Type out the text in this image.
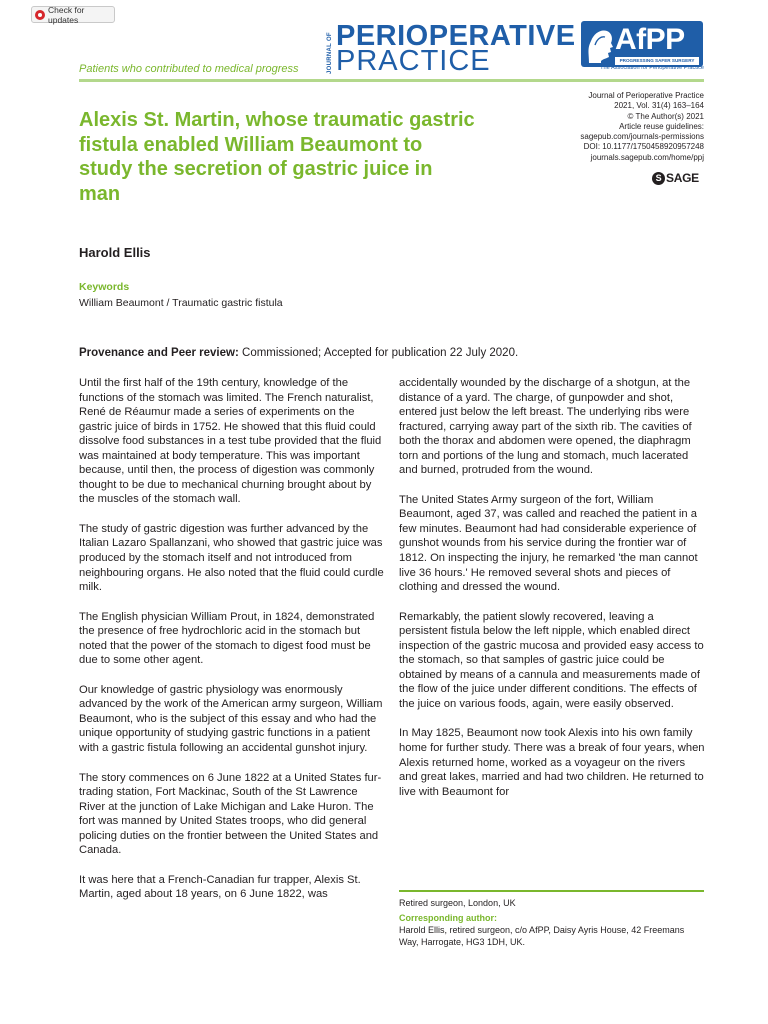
Check for updates
JOURNAL OF PERIOPERATIVE
PRACTICE
AfPP
PROGRESSING SAFER SURGERY
The Association for Perioperative Practice
Patients who contributed to medical progress
Alexis St. Martin, whose traumatic gastric fistula enabled William Beaumont to study the secretion of gastric juice in man
Journal of Perioperative Practice
2021, Vol. 31(4) 163–164
© The Author(s) 2021
Article reuse guidelines:
sagepub.com/journals-permissions
DOI: 10.1177/1750458920957248
journals.sagepub.com/home/ppj
S SAGE
Harold Ellis
Keywords
William Beaumont / Traumatic gastric fistula
Provenance and Peer review: Commissioned; Accepted for publication 22 July 2020.

Until the first half of the 19th century, knowledge of the functions of the stomach was limited. The French naturalist, René de Réaumur made a series of experiments on the gastric juice of birds in 1752. He showed that this fluid could dissolve food substances in a test tube provided that the fluid was maintained at body temperature. This was important because, until then, the process of digestion was commonly thought to be due to mechanical churning brought about by the muscles of the stomach wall.

The study of gastric digestion was further advanced by the Italian Lazaro Spallanzani, who showed that gastric juice was produced by the stomach itself and not introduced from neighbouring organs. He also noted that the fluid could curdle milk.

The English physician William Prout, in 1824, demonstrated the presence of free hydrochloric acid in the stomach but noted that the power of the stomach to digest food must be due to some other agent.

Our knowledge of gastric physiology was enormously advanced by the work of the American army surgeon, William Beaumont, who is the subject of this essay and who had the unique opportunity of studying gastric functions in a patient with a gastric fistula following an accidental gunshot injury.

The story commences on 6 June 1822 at a United States fur-trading station, Fort Mackinac, South of the St Lawrence River at the junction of Lake Michigan and Lake Huron. The fort was manned by United States troops, who did general policing duties on the frontier between the United States and Canada.

It was here that a French-Canadian fur trapper, Alexis St. Martin, aged about 18 years, on 6 June 1822, was

accidentally wounded by the discharge of a shotgun, at the distance of a yard. The charge, of gunpowder and shot, entered just below the left breast. The underlying ribs were fractured, carrying away part of the sixth rib. The cavities of both the thorax and abdomen were opened, the diaphragm torn and portions of the lung and stomach, much lacerated and burned, protruded from the wound.

The United States Army surgeon of the fort, William Beaumont, aged 37, was called and reached the patient in a few minutes. Beaumont had had considerable experience of gunshot wounds from his service during the frontier war of 1812. On inspecting the injury, he remarked 'the man cannot live 36 hours.' He removed several shots and pieces of clothing and dressed the wound.

Remarkably, the patient slowly recovered, leaving a persistent fistula below the left nipple, which enabled direct inspection of the gastric mucosa and provided easy access to the stomach, so that samples of gastric juice could be obtained by means of a cannula and measurements made of the flow of the juice under different conditions. The effects of the juice on various foods, again, were easily observed.

In May 1825, Beaumont now took Alexis into his own family home for further study. There was a break of four years, when Alexis returned home, worked as a voyageur on the rivers and great lakes, married and had two children. He returned to live with Beaumont for

Retired surgeon, London, UK
Corresponding author:
Harold Ellis, retired surgeon, c/o AfPP, Daisy Ayris House, 42 Freemans Way, Harrogate, HG3 1DH, UK.
